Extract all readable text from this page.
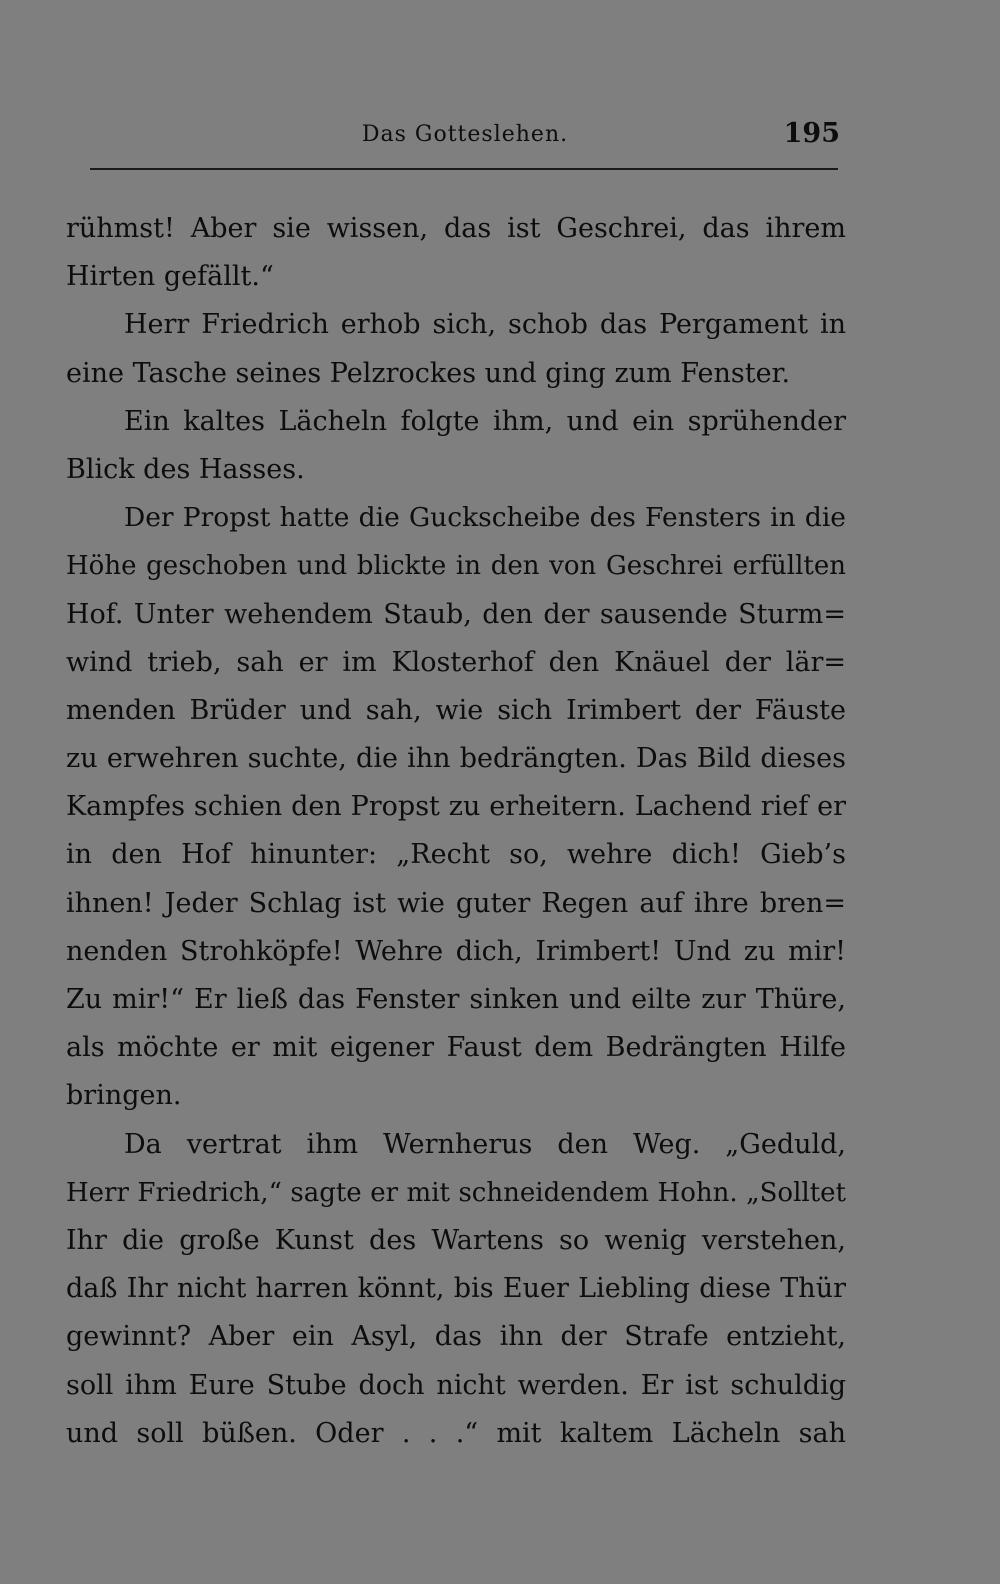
Das Gotteslehen.	195
rühmst! Aber sie wissen, das ist Geschrei, das ihrem
Hirten gefällt.“
Herr Friedrich erhob sich, schob das Pergament in
eine Tasche seines Pelzrockes und ging zum Fenster.
Ein kaltes Lächeln folgte ihm, und ein sprühender
Blick des Hasses.
Der Propst hatte die Guckscheibe des Fensters in die
Höhe geschoben und blickte in den von Geschrei erfüllten
Hof. Unter wehendem Staub, den der sausende Sturm=
wind trieb, sah er im Klosterhof den Knäuel der lär=
menden Brüder und sah, wie sich Irimbert der Fäuste
zu erwehren suchte, die ihn bedrängten. Das Bild dieses
Kampfes schien den Propst zu erheitern. Lachend rief er
in den Hof hinunter: „Recht so, wehre dich! Gieb’s
ihnen! Jeder Schlag ist wie guter Regen auf ihre bren=
nenden Strohköpfe! Wehre dich, Irimbert! Und zu mir!
Zu mir!“ Er ließ das Fenster sinken und eilte zur Thüre,
als möchte er mit eigener Faust dem Bedrängten Hilfe
bringen.
Da vertrat ihm Wernherus den Weg. „Geduld,
Herr Friedrich,“ sagte er mit schneidendem Hohn. „Solltet
Ihr die große Kunst des Wartens so wenig verstehen,
daß Ihr nicht harren könnt, bis Euer Liebling diese Thür
gewinnt? Aber ein Asyl, das ihn der Strafe entzieht,
soll ihm Eure Stube doch nicht werden. Er ist schuldig
und soll büßen. Oder . . .“ mit kaltem Lächeln sah
